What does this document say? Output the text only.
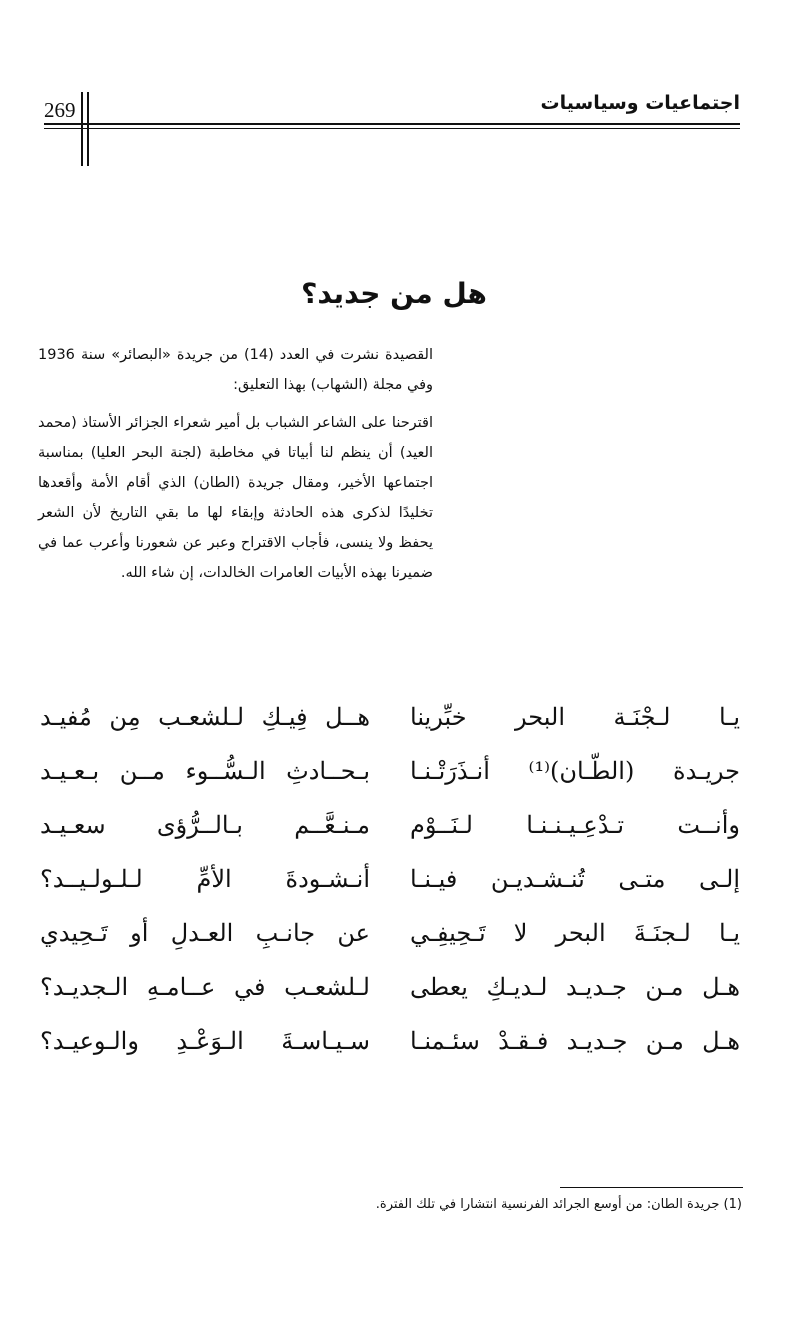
اجتماعيات وسياسيات
269
هل من جديد؟

القصيدة نشرت في العدد (14) من جريدة «البصائر» سنة 1936 وفي مجلة (الشهاب) بهذا التعليق:

اقترحنا على الشاعر الشباب بل أمير شعراء الجزائر الأستاذ (محمد العيد) أن ينظم لنا أبياتا في مخاطبة (لجنة البحر العليا) بمناسبة اجتماعها الأخير، ومقال جريدة (الطان) الذي أقام الأمة وأقعدها تخليدًا لذكرى هذه الحادثة وإبقاء لها ما بقي التاريخ لأن الشعر يحفظ ولا ينسى، فأجاب الاقتراح وعبر عن شعورنا وأعرب عما في ضميرنا بهذه الأبيات العامرات الخالدات، إن شاء الله.

يـا لـجْنَـة البحر خبِّرينا
هــل فِيـكِ لـلشعـب مِن مُفيـد
جريـدة (الطّـان)⁽¹⁾ أنـذَرَتْـنـا
بـحــادثِ الـسُّــوء مــن بـعـيـد
وأنــت تـدْعِـيـنـنـا لـنَــوْم
مـنـعَّــم بـالــرُّؤى سعـيـد
إلـى متـى تُنـشـديـن فيـنـا
أنـشـودةَ الأمِّ لـلـولـيــد؟
يـا لـجنَـةَ البحر لا تَـحِيفِـي
عن جانـبِ العـدلِ أو تَـحِيدي
هـل مـن جـديـد لـديـكِ يعطى
لـلشعـب في عــامـهِ الـجديـد؟
هـل مـن جـديـد فـقـدْ سئـمنـا
سـيـاسـةَ الـوَعْـدِ والـوعيـد؟
(1) جريدة الطان: من أوسع الجرائد الفرنسية انتشارا في تلك الفترة.
